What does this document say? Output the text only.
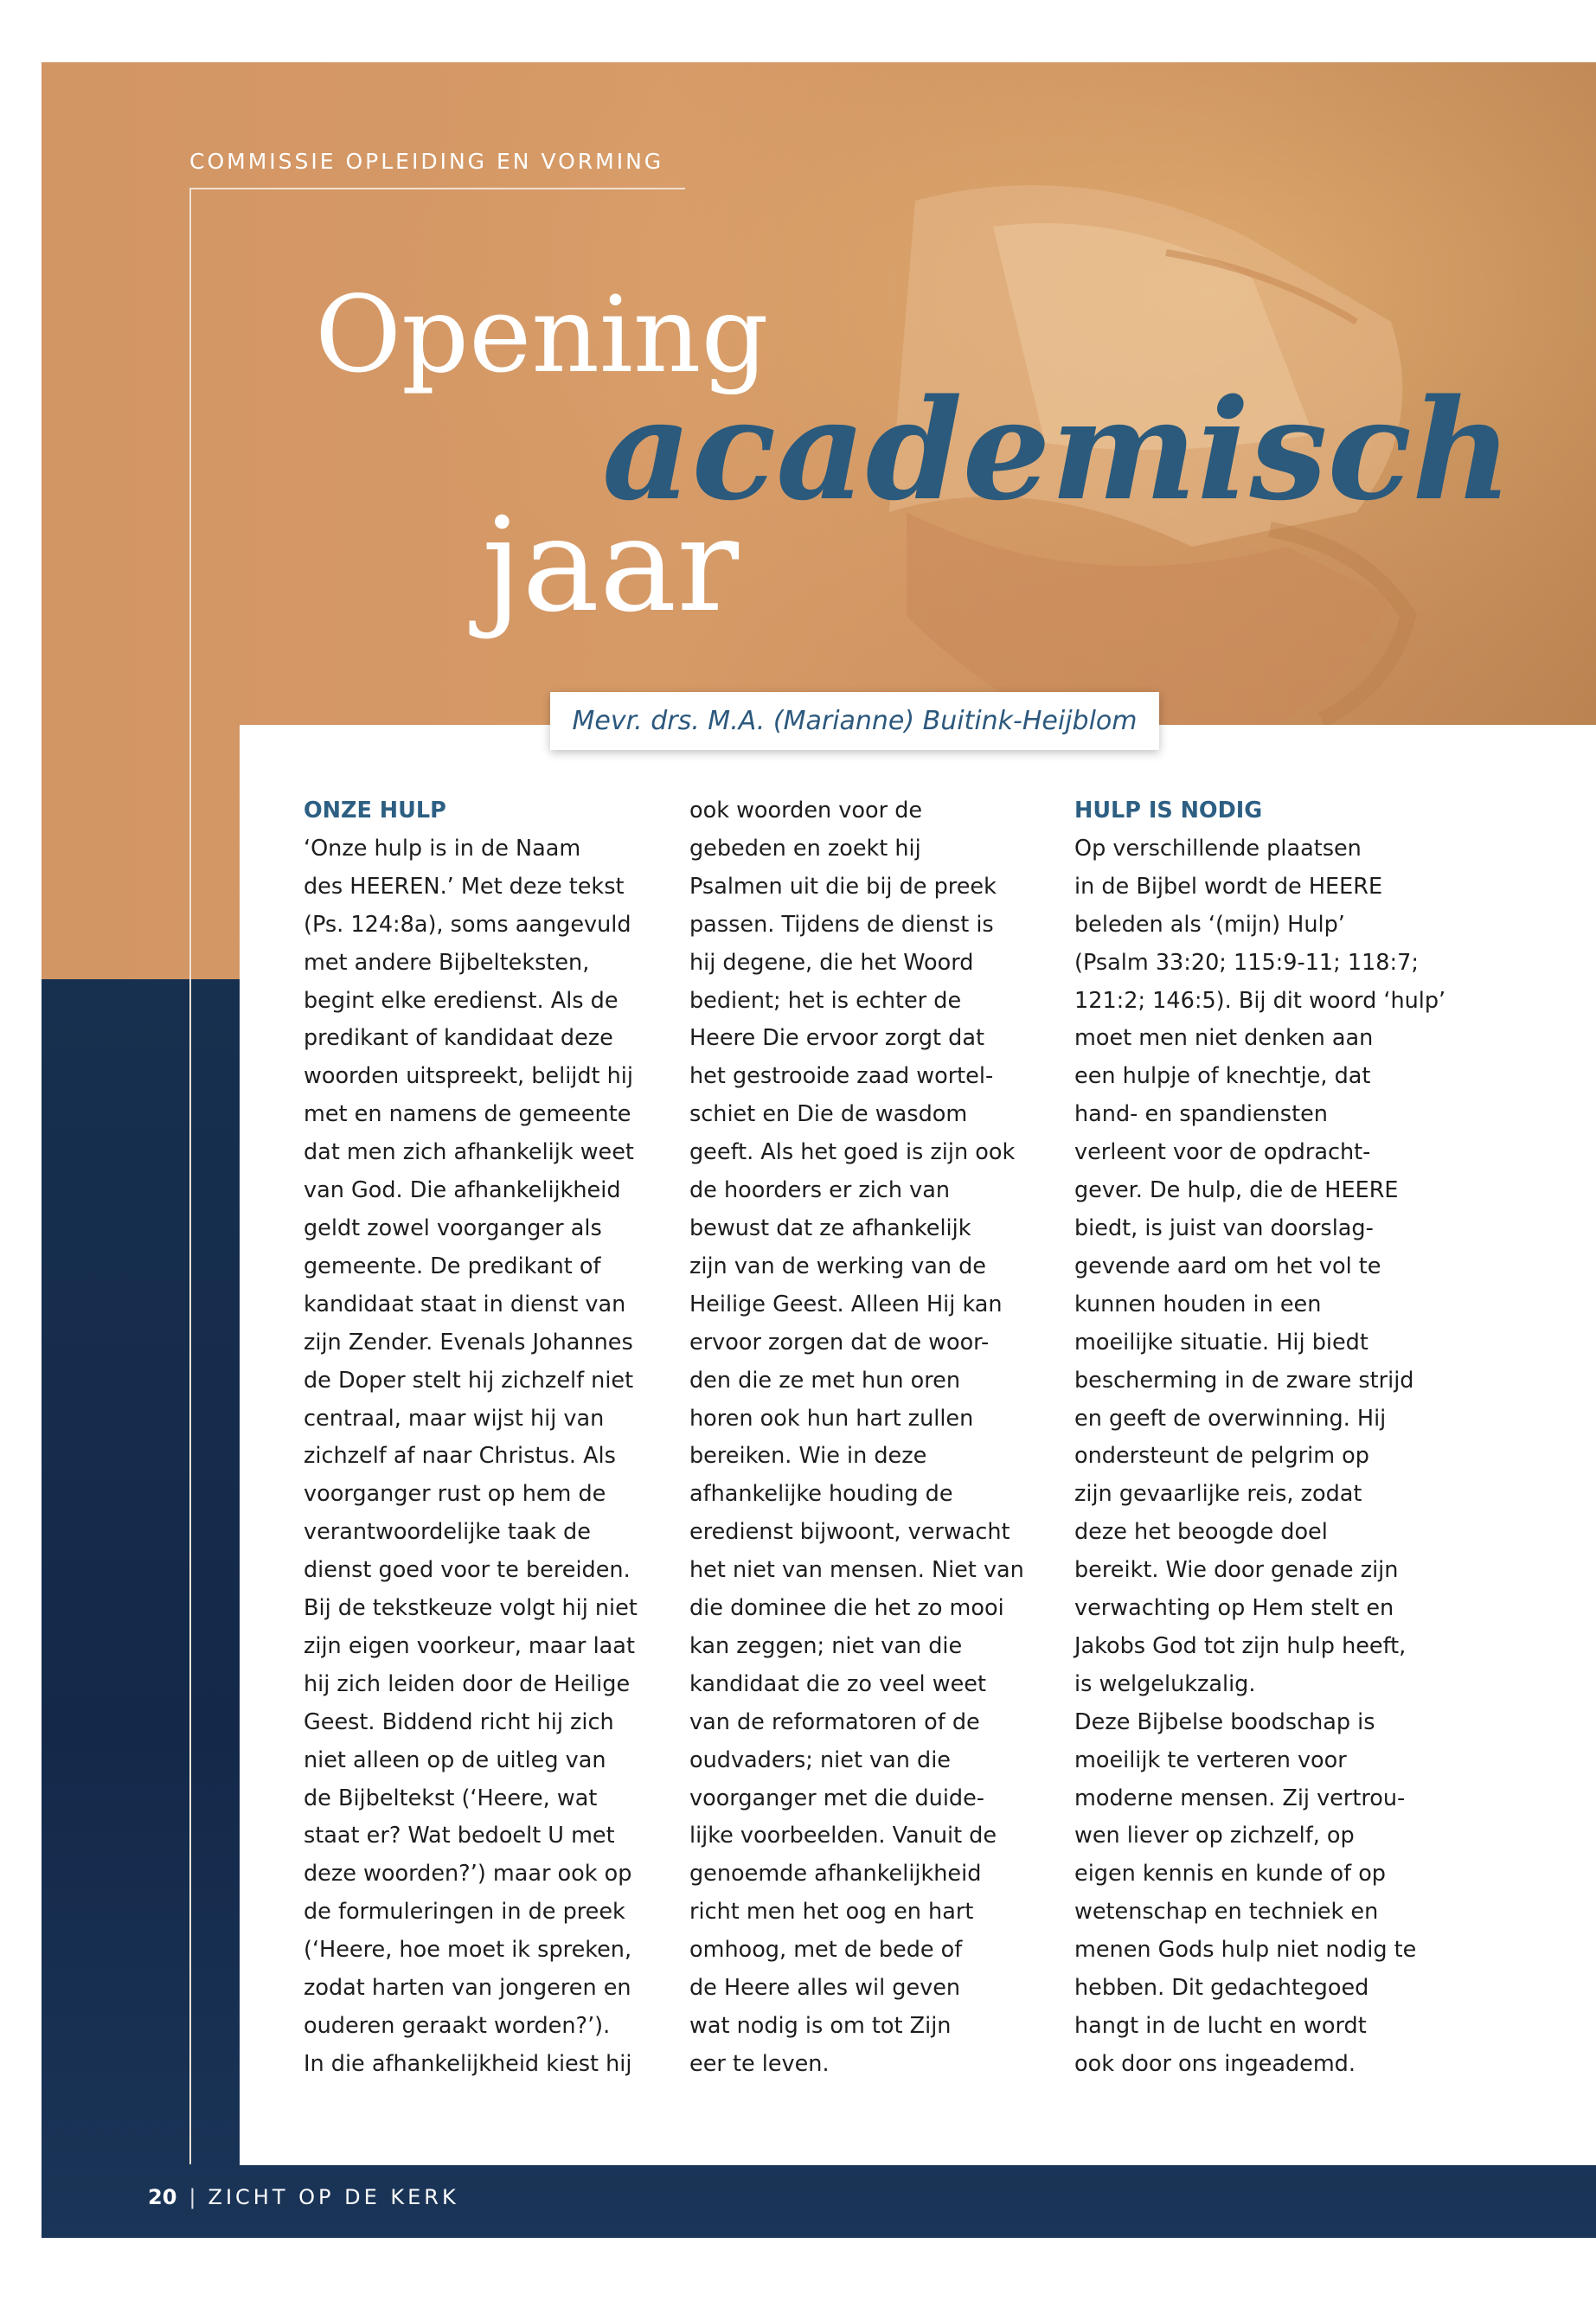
COMMISSIE OPLEIDING EN VORMING
Opening
academisch
jaar
Mevr. drs. M.A. (Marianne) Buitink-Heijblom
ONZE HULP
‘Onze hulp is in de Naam
des HEEREN.’ Met deze tekst
(Ps. 124:8a), soms aangevuld
met andere Bijbelteksten,
begint elke eredienst. Als de
predikant of kandidaat deze
woorden uitspreekt, belijdt hij
met en namens de gemeente
dat men zich afhankelijk weet
van God. Die afhankelijkheid
geldt zowel voorganger als
gemeente. De predikant of
kandidaat staat in dienst van
zijn Zender. Evenals Johannes
de Doper stelt hij zichzelf niet
centraal, maar wijst hij van
zichzelf af naar Christus. Als
voorganger rust op hem de
verantwoordelijke taak de
dienst goed voor te bereiden.
Bij de tekstkeuze volgt hij niet
zijn eigen voorkeur, maar laat
hij zich leiden door de Heilige
Geest. Biddend richt hij zich
niet alleen op de uitleg van
de Bijbeltekst (‘Heere, wat
staat er? Wat bedoelt U met
deze woorden?’) maar ook op
de formuleringen in de preek
(‘Heere, hoe moet ik spreken,
zodat harten van jongeren en
ouderen geraakt worden?’).
In die afhankelijkheid kiest hij
ook woorden voor de
gebeden en zoekt hij
Psalmen uit die bij de preek
passen. Tijdens de dienst is
hij degene, die het Woord
bedient; het is echter de
Heere Die ervoor zorgt dat
het gestrooide zaad wortel-
schiet en Die de wasdom
geeft. Als het goed is zijn ook
de hoorders er zich van
bewust dat ze afhankelijk
zijn van de werking van de
Heilige Geest. Alleen Hij kan
ervoor zorgen dat de woor-
den die ze met hun oren
horen ook hun hart zullen
bereiken. Wie in deze
afhankelijke houding de
eredienst bijwoont, verwacht
het niet van mensen. Niet van
die dominee die het zo mooi
kan zeggen; niet van die
kandidaat die zo veel weet
van de reformatoren of de
oudvaders; niet van die
voorganger met die duide-
lijke voorbeelden. Vanuit de
genoemde afhankelijkheid
richt men het oog en hart
omhoog, met de bede of
de Heere alles wil geven
wat nodig is om tot Zijn
eer te leven.
HULP IS NODIG
Op verschillende plaatsen
in de Bijbel wordt de HEERE
beleden als ‘(mijn) Hulp’
(Psalm 33:20; 115:9-11; 118:7;
121:2; 146:5). Bij dit woord ‘hulp’
moet men niet denken aan
een hulpje of knechtje, dat
hand- en spandiensten
verleent voor de opdracht-
gever. De hulp, die de HEERE
biedt, is juist van doorslag-
gevende aard om het vol te
kunnen houden in een
moeilijke situatie. Hij biedt
bescherming in de zware strijd
en geeft de overwinning. Hij
ondersteunt de pelgrim op
zijn gevaarlijke reis, zodat
deze het beoogde doel
bereikt. Wie door genade zijn
verwachting op Hem stelt en
Jakobs God tot zijn hulp heeft,
is welgelukzalig.
Deze Bijbelse boodschap is
moeilijk te verteren voor
moderne mensen. Zij vertrou-
wen liever op zichzelf, op
eigen kennis en kunde of op
wetenschap en techniek en
menen Gods hulp niet nodig te
hebben. Dit gedachtegoed
hangt in de lucht en wordt
ook door ons ingeademd.
20 | ZICHT OP DE KERK
